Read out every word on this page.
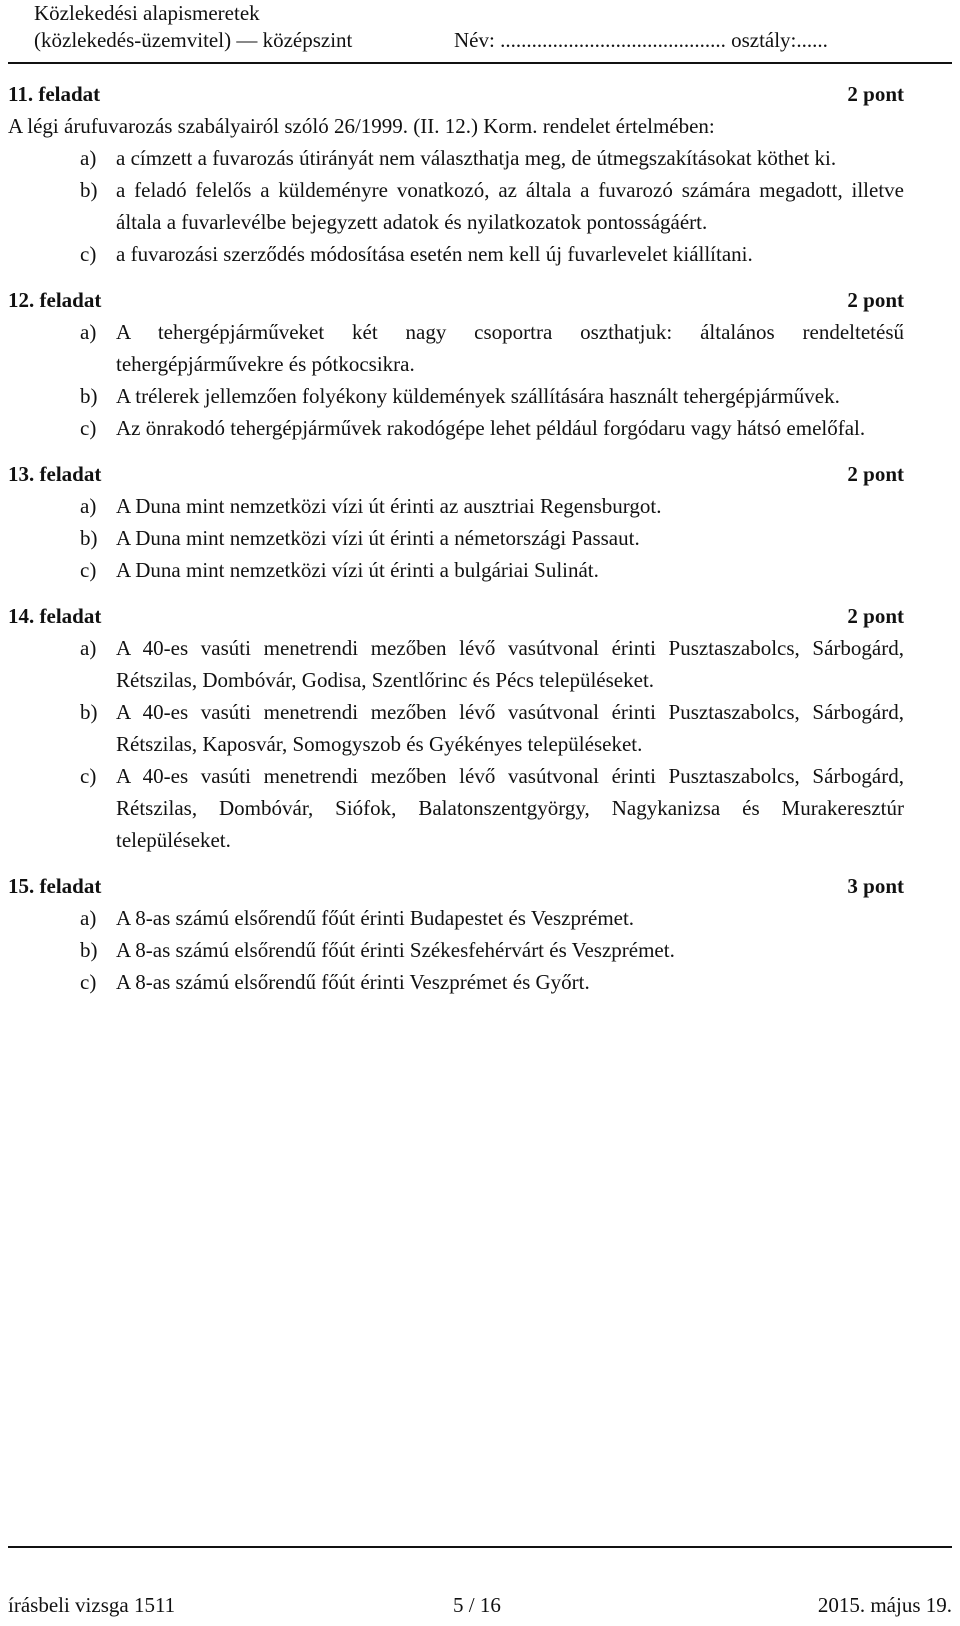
Közlekedési alapismeretek
(közlekedés-üzemvitel) — középszint	Név: ........................................... osztály:......
11. feladat	2 pont
A légi árufuvarozás szabályairól szóló 26/1999. (II. 12.) Korm. rendelet értelmében:
a) a címzett a fuvarozás útirányát nem választhatja meg, de útmegszakításokat köthet ki.
b) a feladó felelős a küldeményre vonatkozó, az általa a fuvarozó számára megadott, illetve általa a fuvarlevélbe bejegyzett adatok és nyilatkozatok pontosságáért.
c) a fuvarozási szerződés módosítása esetén nem kell új fuvarlevelet kiállítani.
12. feladat	2 pont
a) A tehergépjárműveket két nagy csoportra oszthatjuk: általános rendeltetésű tehergépjárművekre és pótkocsikra.
b) A trélerek jellemzően folyékony küldemények szállítására használt tehergépjárművek.
c) Az önrakodó tehergépjárművek rakodógépe lehet például forgódaru vagy hátsó emelőfal.
13. feladat	2 pont
a) A Duna mint nemzetközi vízi út érinti az ausztriai Regensburgot.
b) A Duna mint nemzetközi vízi út érinti a németországi Passaut.
c) A Duna mint nemzetközi vízi út érinti a bulgáriai Sulinát.
14. feladat	2 pont
a) A 40-es vasúti menetrendi mezőben lévő vasútvonal érinti Pusztaszabolcs, Sárbogárd, Rétszilas, Dombóvár, Godisa, Szentlőrinc és Pécs településeket.
b) A 40-es vasúti menetrendi mezőben lévő vasútvonal érinti Pusztaszabolcs, Sárbogárd, Rétszilas, Kaposvár, Somogyszob és Gyékényes településeket.
c) A 40-es vasúti menetrendi mezőben lévő vasútvonal érinti Pusztaszabolcs, Sárbogárd, Rétszilas, Dombóvár, Siófok, Balatonszentgyörgy, Nagykanizsa és Murakeresztúr településeket.
15. feladat	3 pont
a) A 8-as számú elsőrendű főút érinti Budapestet és Veszprémet.
b) A 8-as számú elsőrendű főút érinti Székesfehérvárt és Veszprémet.
c) A 8-as számú elsőrendű főút érinti Veszprémet és Győrt.
írásbeli vizsga 1511	5 / 16	2015. május 19.
